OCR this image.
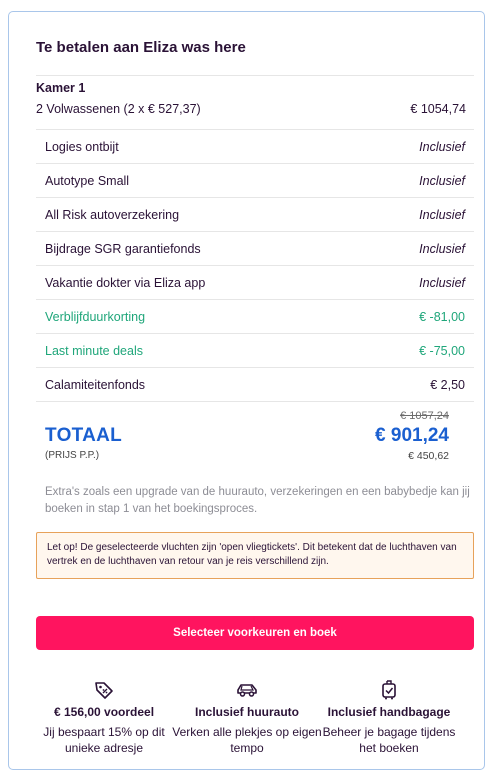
Te betalen aan Eliza was here
Kamer 1
2 Volwassenen (2 x € 527,37)	€ 1054,74
Logies ontbijt	Inclusief
Autotype Small	Inclusief
All Risk autoverzekering	Inclusief
Bijdrage SGR garantiefonds	Inclusief
Vakantie dokter via Eliza app	Inclusief
Verblijfduurkorting	€ -81,00
Last minute deals	€ -75,00
Calamiteitenfonds	€ 2,50
€ 1057,24
TOTAAL	€ 901,24
(PRIJS P.P.)	€ 450,62
Extra's zoals een upgrade van de huurauto, verzekeringen en een babybedje kan jij boeken in stap 1 van het boekingsproces.
Let op! De geselecteerde vluchten zijn 'open vliegtickets'. Dit betekent dat de luchthaven van vertrek en de luchthaven van retour van je reis verschillend zijn.
Selecteer voorkeuren en boek
€ 156,00 voordeel
Jij bespaart 15% op dit unieke adresje
Inclusief huurauto
Verken alle plekjes op eigen tempo
Inclusief handbagage
Beheer je bagage tijdens het boeken
